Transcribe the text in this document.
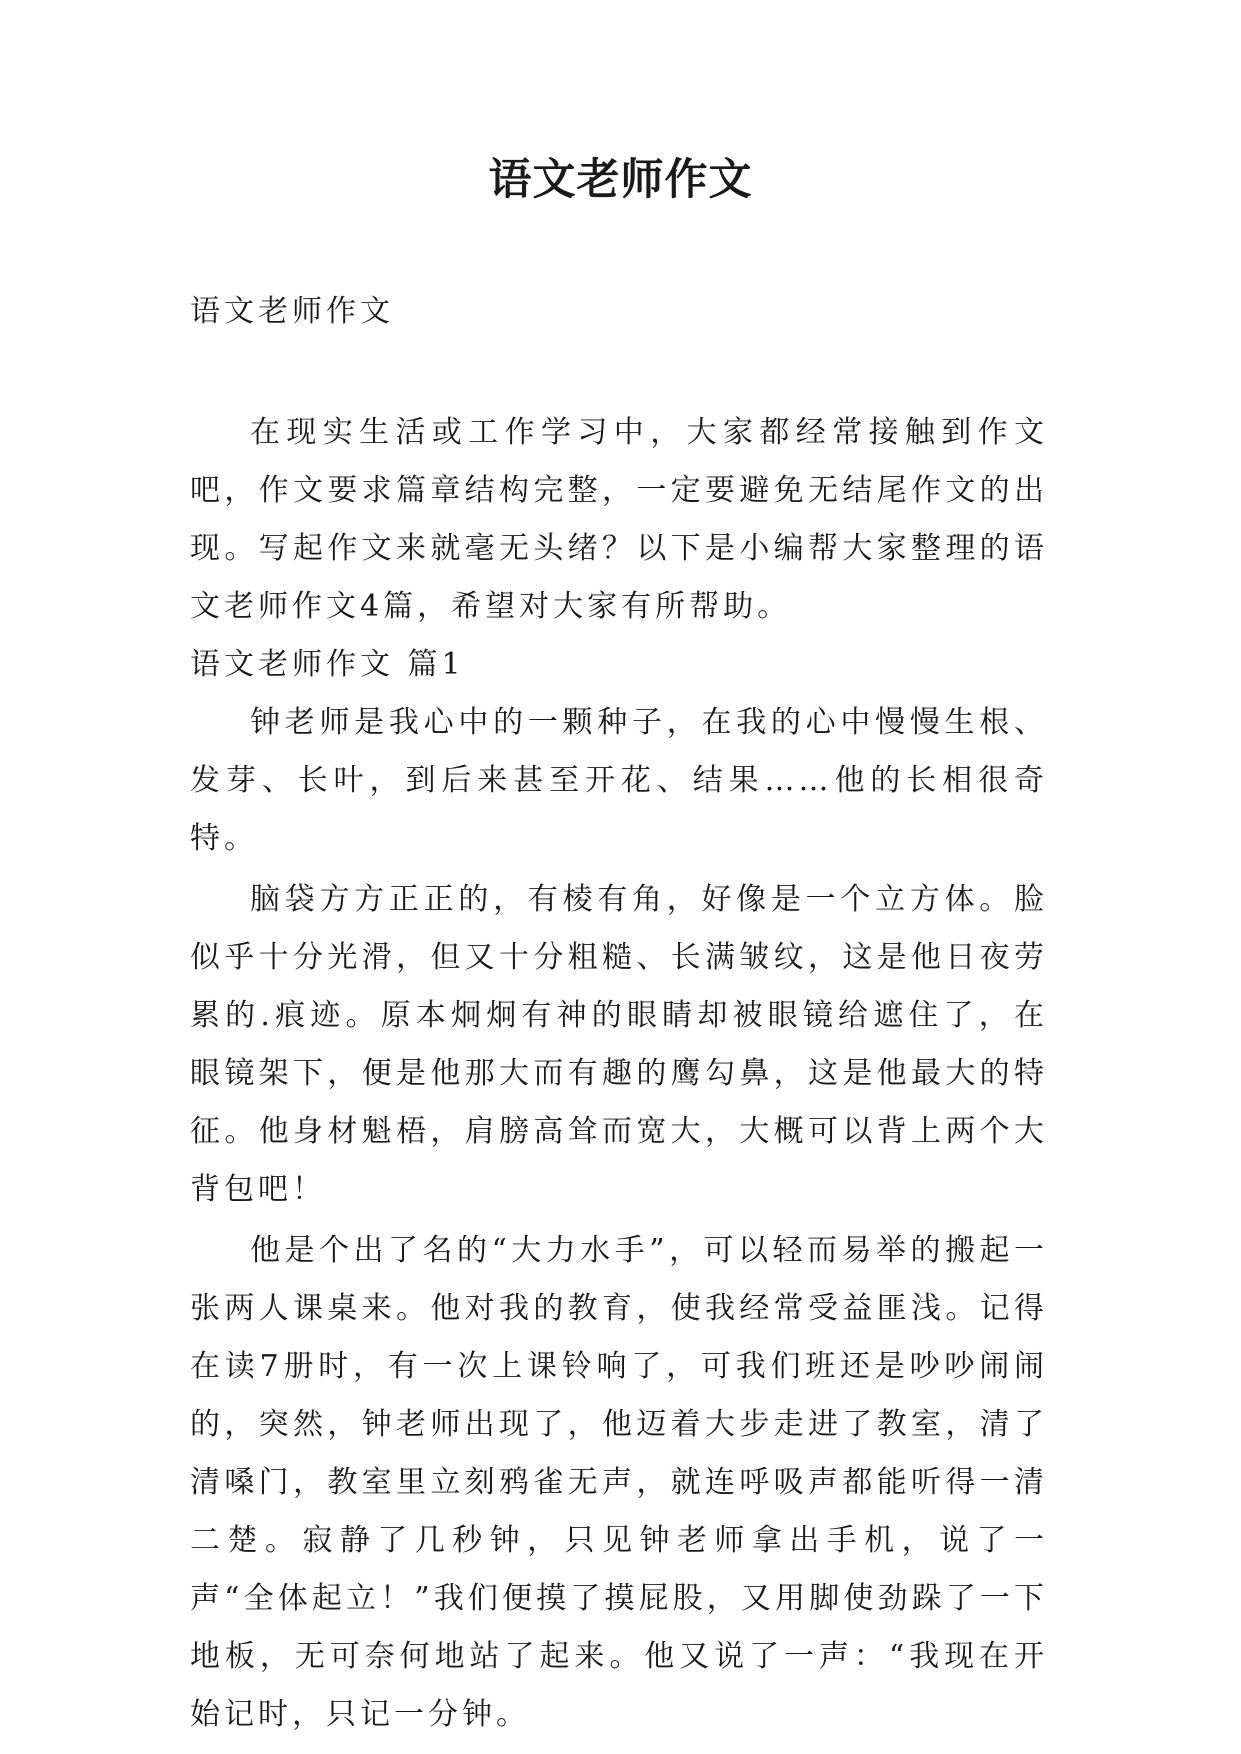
语文老师作文
语文老师作文

在现实生活或工作学习中，大家都经常接触到作文吧，作文要求篇章结构完整，一定要避免无结尾作文的出现。写起作文来就毫无头绪？以下是小编帮大家整理的语文老师作文4篇，希望对大家有所帮助。

语文老师作文 篇1

钟老师是我心中的一颗种子，在我的心中慢慢生根、发芽、长叶，到后来甚至开花、结果……他的长相很奇特。

脑袋方方正正的，有棱有角，好像是一个立方体。脸似乎十分光滑，但又十分粗糙、长满皱纹，这是他日夜劳累的.痕迹。原本炯炯有神的眼睛却被眼镜给遮住了，在眼镜架下，便是他那大而有趣的鹰勾鼻，这是他最大的特征。他身材魁梧，肩膀高耸而宽大，大概可以背上两个大背包吧！

他是个出了名的“大力水手”，可以轻而易举的搬起一张两人课桌来。他对我的教育，使我经常受益匪浅。记得在读7册时，有一次上课铃响了，可我们班还是吵吵闹闹的，突然，钟老师出现了，他迈着大步走进了教室，清了清嗓门，教室里立刻鸦雀无声，就连呼吸声都能听得一清二楚。寂静了几秒钟，只见钟老师拿出手机，说了一声“全体起立！”我们便摸了摸屁股，又用脚使劲跺了一下地板，无可奈何地站了起来。他又说了一声：“我现在开始记时，只记一分钟。
